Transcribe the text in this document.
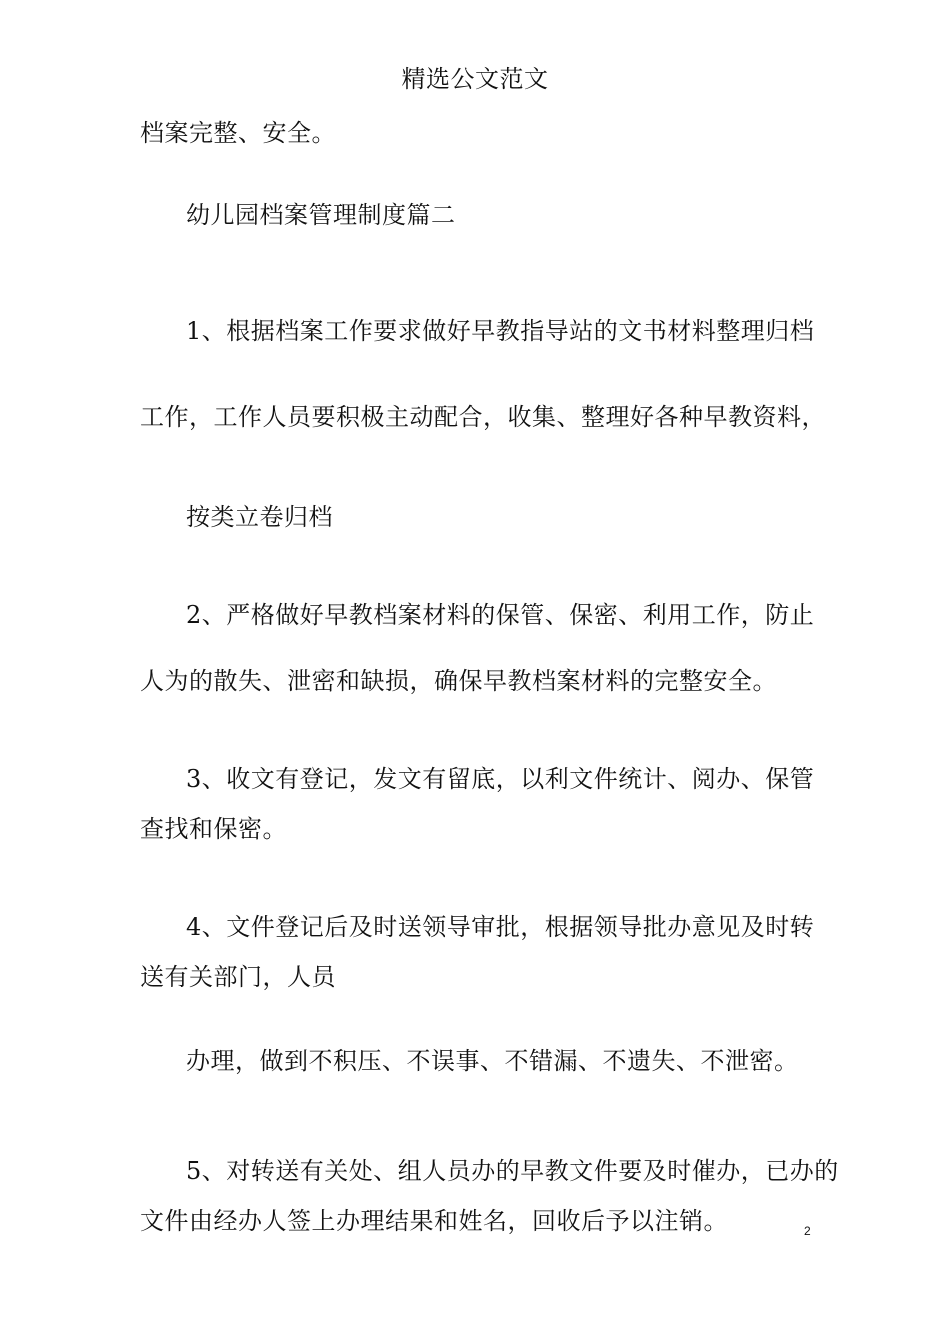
精选公文范文
档案完整、安全。
幼儿园档案管理制度篇二
1、根据档案工作要求做好早教指导站的文书材料整理归档
工作，工作人员要积极主动配合，收集、整理好各种早教资料，
按类立卷归档
2、严格做好早教档案材料的保管、保密、利用工作，防止
人为的散失、泄密和缺损，确保早教档案材料的完整安全。
3、收文有登记，发文有留底，以利文件统计、阅办、保管
查找和保密。
4、文件登记后及时送领导审批，根据领导批办意见及时转
送有关部门，人员
办理，做到不积压、不误事、不错漏、不遗失、不泄密。
5、对转送有关处、组人员办的早教文件要及时催办，已办的
文件由经办人签上办理结果和姓名，回收后予以注销。	2
